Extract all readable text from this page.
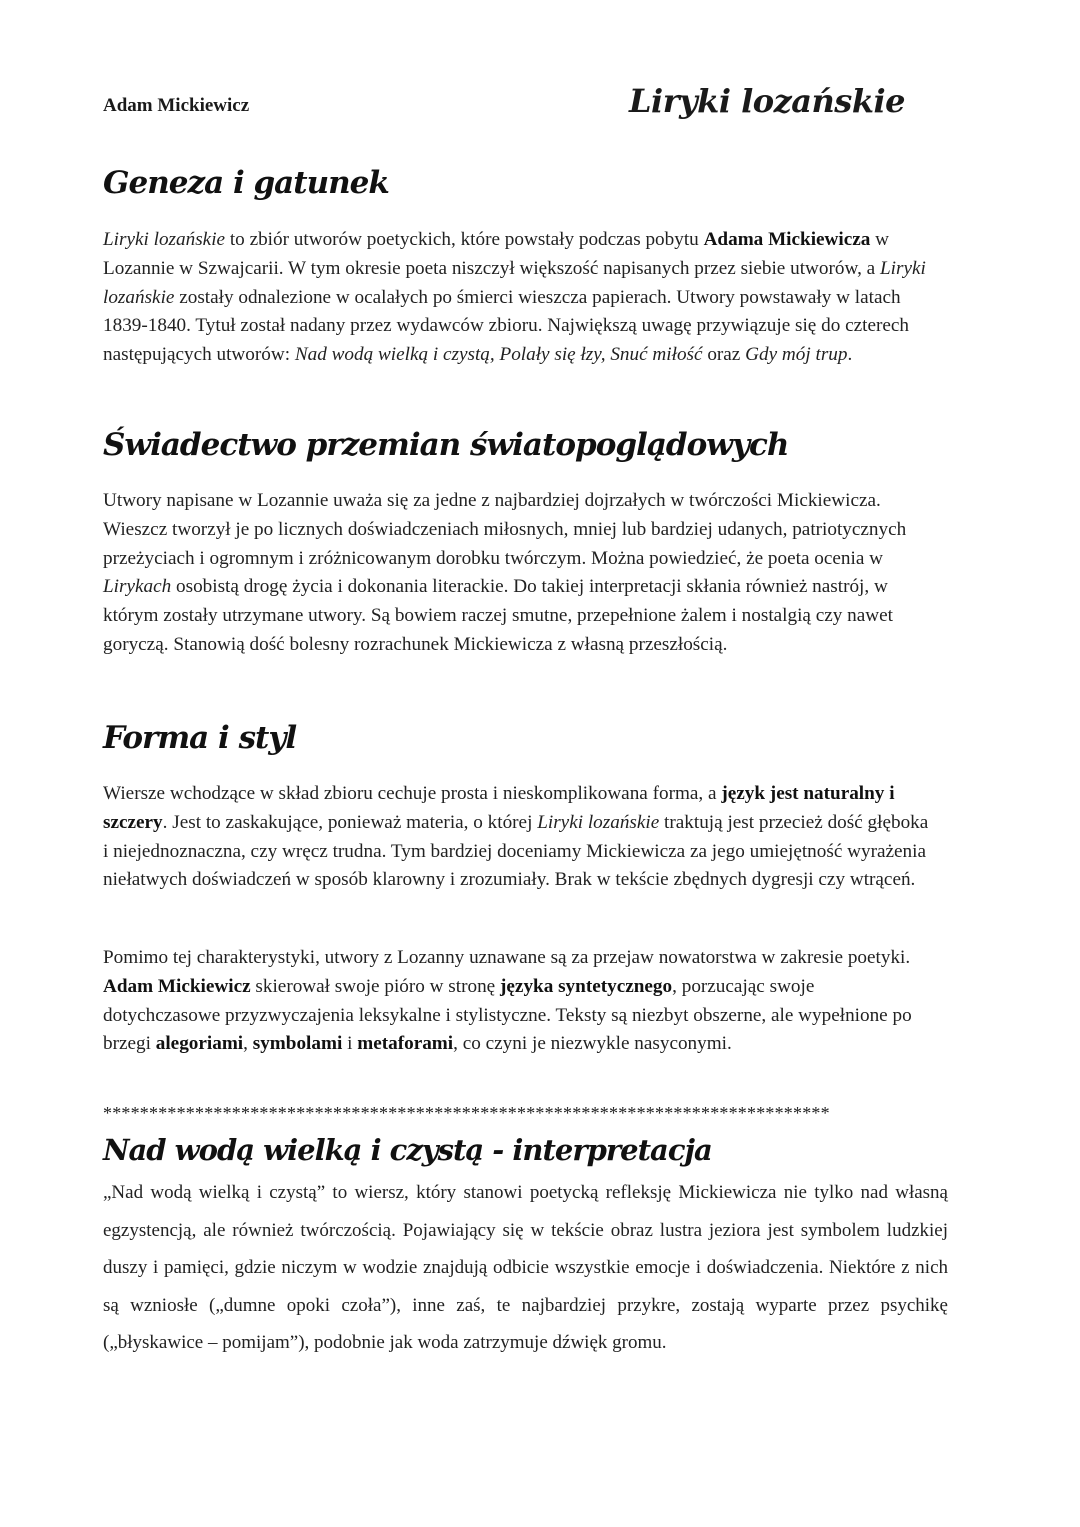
Adam Mickiewicz	Liryki lozańskie
Geneza i gatunek
Liryki lozańskie to zbiór utworów poetyckich, które powstały podczas pobytu Adama Mickiewicza w Lozannie w Szwajcarii. W tym okresie poeta niszczył większość napisanych przez siebie utworów, a Liryki lozańskie zostały odnalezione w ocalałych po śmierci wieszcza papierach. Utwory powstawały w latach 1839-1840. Tytuł został nadany przez wydawców zbioru. Największą uwagę przywiązuje się do czterech następujących utworów: Nad wodą wielką i czystą, Polały się łzy, Snuć miłość oraz Gdy mój trup.
Świadectwo przemian światopoglądowych
Utwory napisane w Lozannie uważa się za jedne z najbardziej dojrzałych w twórczości Mickiewicza. Wieszcz tworzył je po licznych doświadczeniach miłosnych, mniej lub bardziej udanych, patriotycznych przeżyciach i ogromnym i zróżnicowanym dorobku twórczym. Można powiedzieć, że poeta ocenia w Lirykach osobistą drogę życia i dokonania literackie. Do takiej interpretacji skłania również nastrój, w którym zostały utrzymane utwory. Są bowiem raczej smutne, przepełnione żalem i nostalgią czy nawet goryczą. Stanowią dość bolesny rozrachunek Mickiewicza z własną przeszłością.
Forma i styl
Wiersze wchodzące w skład zbioru cechuje prosta i nieskomplikowana forma, a język jest naturalny i szczery. Jest to zaskakujące, ponieważ materia, o której Liryki lozańskie traktują jest przecież dość głęboka i niejednoznaczna, czy wręcz trudna. Tym bardziej doceniamy Mickiewicza za jego umiejętność wyrażenia niełatwych doświadczeń w sposób klarowny i zrozumiały. Brak w tekście zbędnych dygresji czy wtrąceń.
Pomimo tej charakterystyki, utwory z Lozanny uznawane są za przejaw nowatorstwa w zakresie poetyki. Adam Mickiewicz skierował swoje pióro w stronę języka syntetycznego, porzucając swoje dotychczasowe przyzwyczajenia leksykalne i stylistyczne. Teksty są niezbyt obszerne, ale wypełnione po brzegi alegoriami, symbolami i metaforami, co czyni je niezwykle nasyconymi.
*******************************************************************************
Nad wodą wielką i czystą - interpretacja
„Nad wodą wielką i czystą” to wiersz, który stanowi poetycką refleksję Mickiewicza nie tylko nad własną egzystencją, ale również twórczością. Pojawiający się w tekście obraz lustra jeziora jest symbolem ludzkiej duszy i pamięci, gdzie niczym w wodzie znajdują odbicie wszystkie emocje i doświadczenia. Niektóre z nich są wzniosłe („dumne opoki czoła”), inne zaś, te najbardziej przykre, zostają wyparte przez psychikę („błyskawice – pomijam”), podobnie jak woda zatrzymuje dźwięk gromu.
